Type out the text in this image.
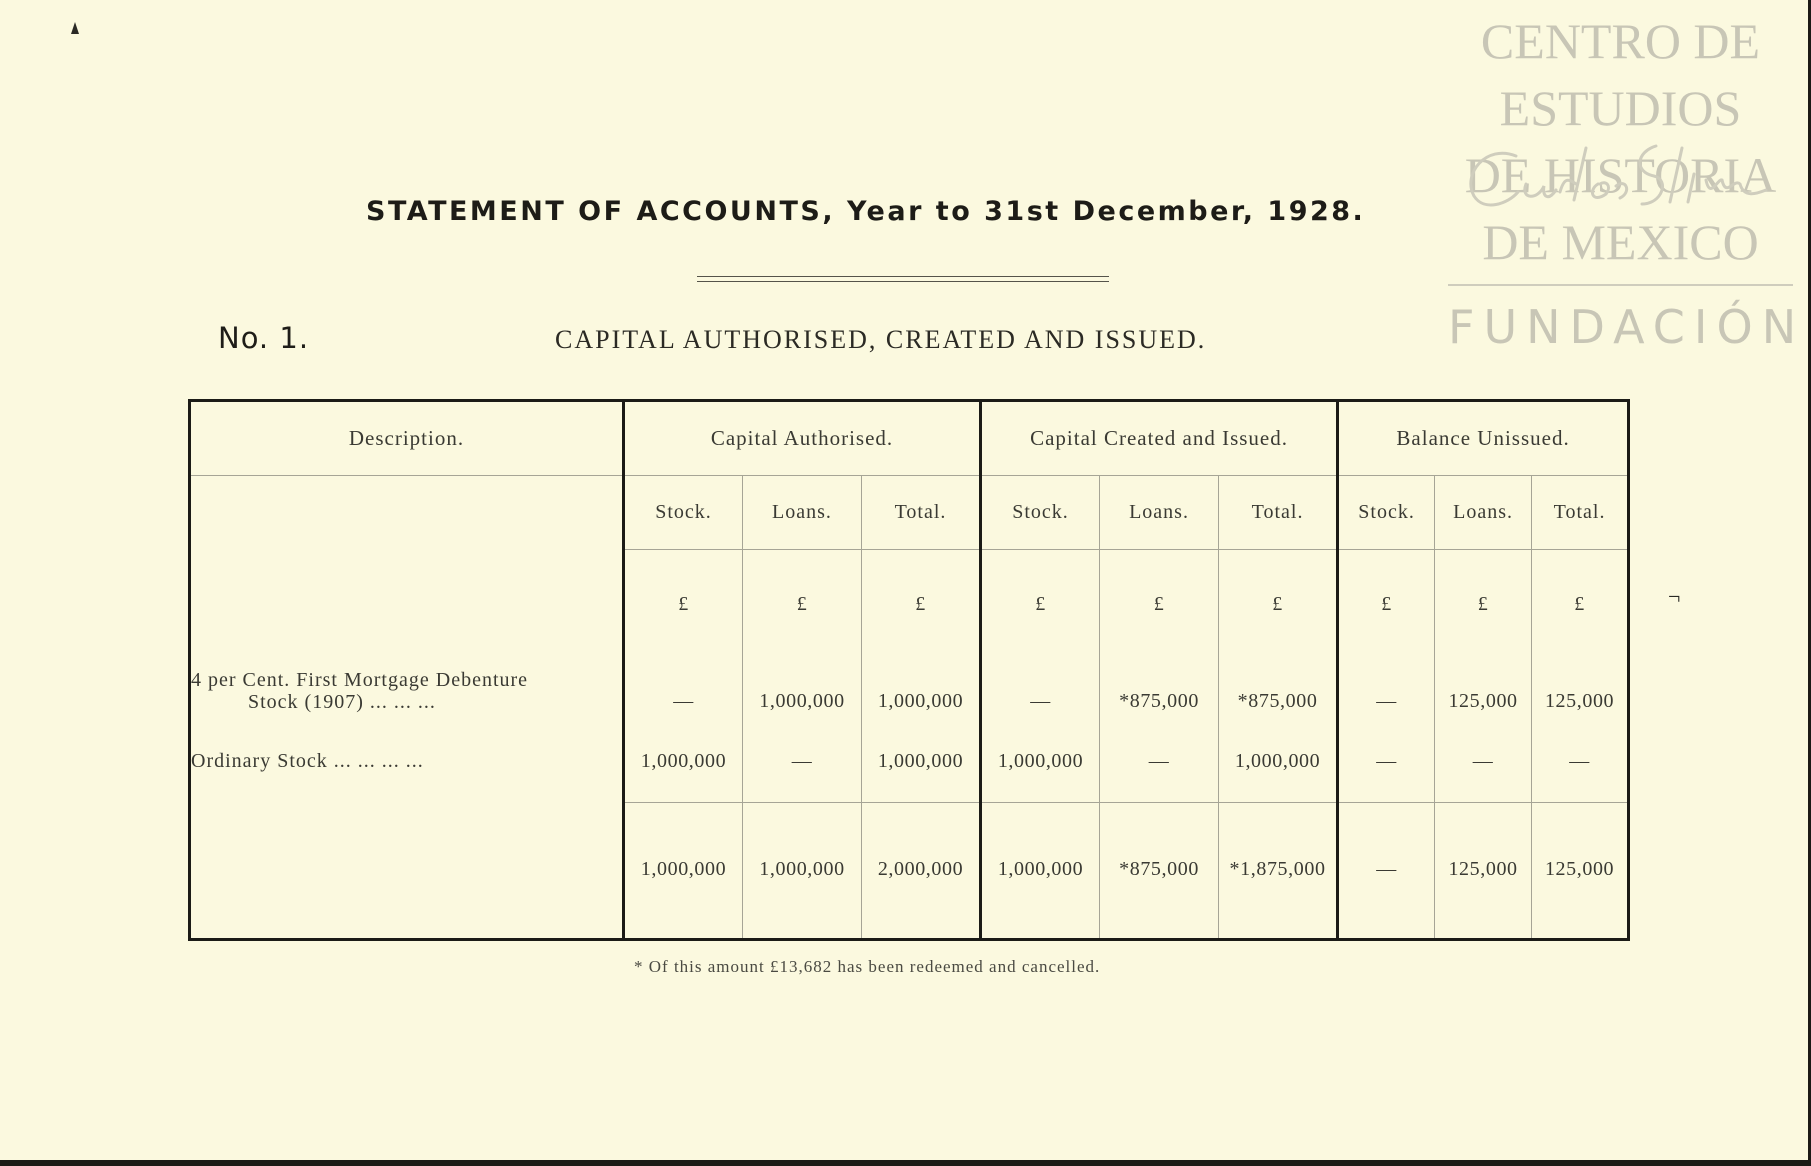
CENTRO DE
ESTUDIOS
DE HISTORIA
DE MEXICO
FUNDACIÓN
STATEMENT OF ACCOUNTS, Year to 31st December, 1928.
No. 1.	CAPITAL AUTHORISED, CREATED AND ISSUED.
Description.	Capital Authorised.			Capital Created and Issued.			Balance Unissued.		
	Stock.	Loans.	Total.	Stock.	Loans.	Total.	Stock.	Loans.	Total.
	£	£	£	£	£	£	£	£	£
4 per Cent. First Mortgage Debenture
Stock (1907) ... ... ...	—	1,000,000	1,000,000	—	*875,000	*875,000	—	125,000	125,000
Ordinary Stock ... ... ... ...	1,000,000	—	1,000,000	1,000,000	—	1,000,000	—	—	—
	1,000,000	1,000,000	2,000,000	1,000,000	*875,000	*1,875,000	—	125,000	125,000
* Of this amount £13,682 has been redeemed and cancelled.
¬
